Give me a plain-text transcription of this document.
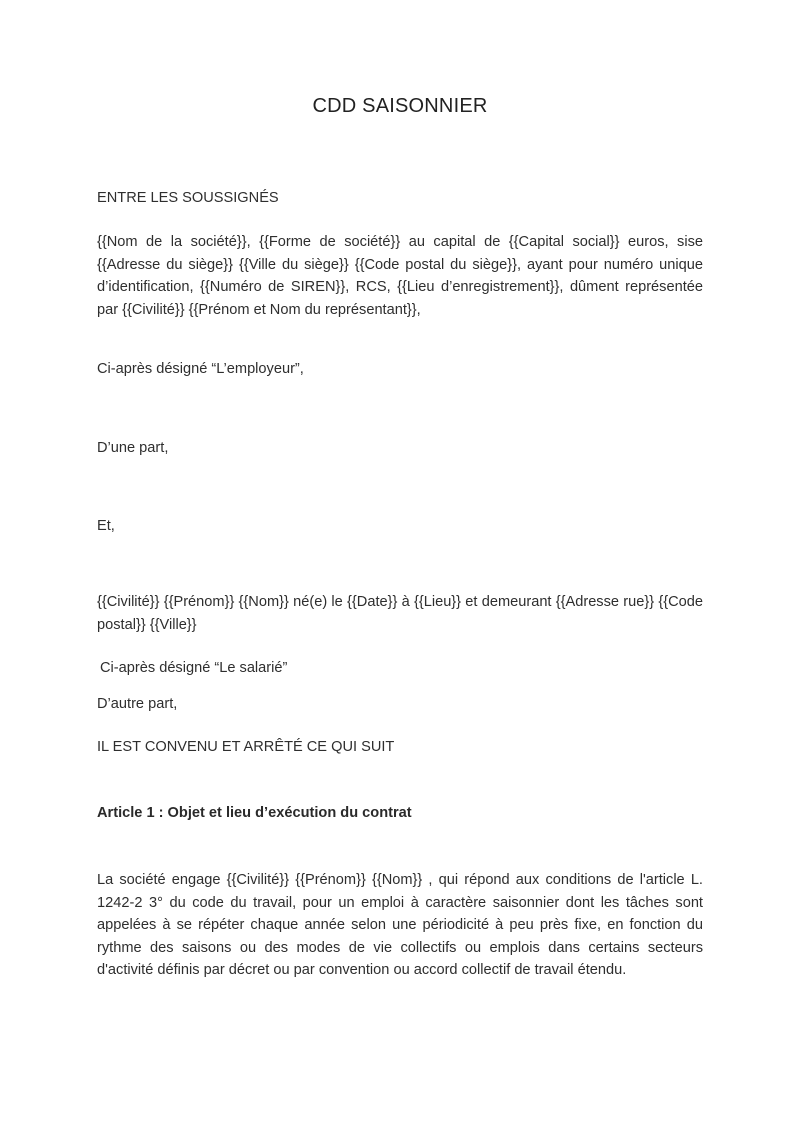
CDD SAISONNIER
ENTRE LES SOUSSIGNÉS
{{Nom de la société}}, {{Forme de société}} au capital de {{Capital social}} euros, sise {{Adresse du siège}} {{Ville du siège}} {{Code postal du siège}}, ayant pour numéro unique d’identification, {{Numéro de SIREN}}, RCS, {{Lieu d’enregistrement}}, dûment représentée par {{Civilité}} {{Prénom et Nom du représentant}},
Ci-après désigné “L’employeur”,
D’une part,
Et,
{{Civilité}} {{Prénom}} {{Nom}} né(e) le {{Date}} à {{Lieu}} et demeurant {{Adresse rue}} {{Code postal}} {{Ville}}
Ci-après désigné “Le salarié”
D’autre part,
IL EST CONVENU ET ARRÊTÉ CE QUI SUIT
Article 1 : Objet et lieu d’exécution du contrat
La société engage {{Civilité}} {{Prénom}} {{Nom}} , qui répond aux conditions de l'article L. 1242-2 3° du code du travail, pour un emploi à caractère saisonnier dont les tâches sont appelées à se répéter chaque année selon une périodicité à peu près fixe, en fonction du rythme des saisons ou des modes de vie collectifs ou emplois dans certains secteurs d'activité définis par décret ou par convention ou accord collectif de travail étendu.
